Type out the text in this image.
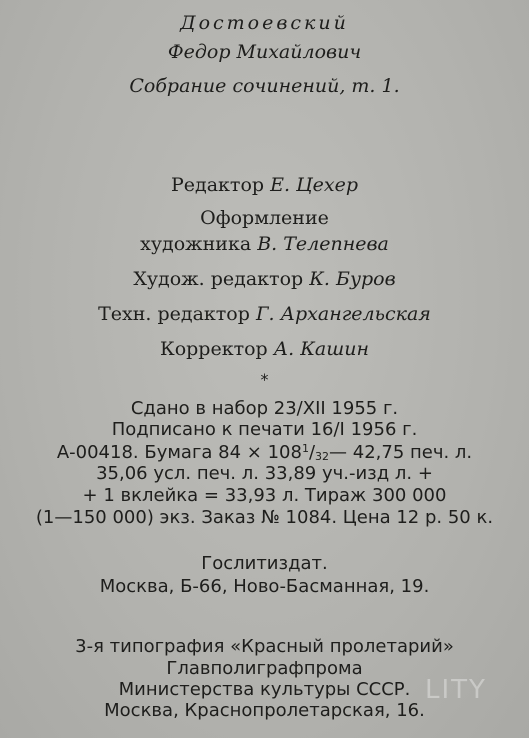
Достоевский
Федор Михайлович
Собрание сочинений, т. 1.
Редактор Е. Цехер
Оформление
художника В. Телепнева
Худож. редактор К. Буров
Техн. редактор Г. Архангельская
Корректор А. Кашин
*
Сдано в набор 23/XII 1955 г.
Подписано к печати 16/I 1956 г.
А-00418. Бумага $84 \times 108^1/32—$ 42,75 печ. л.
35,06 усл. печ. л. 33,89 уч.-изд л. +
+ 1 вклейка = 33,93 л. Тираж 300 000
(1—150 000) экз. Заказ № 1084. Цена 12 р. 50 к.
Гослитиздат.
Москва, Б-66, Ново-Басманная, 19.
3-я типография «Красный пролетарий»
Главполиграфпрома
Министерства культуры СССР.
Москва, Краснопролетарская, 16.
LITY
